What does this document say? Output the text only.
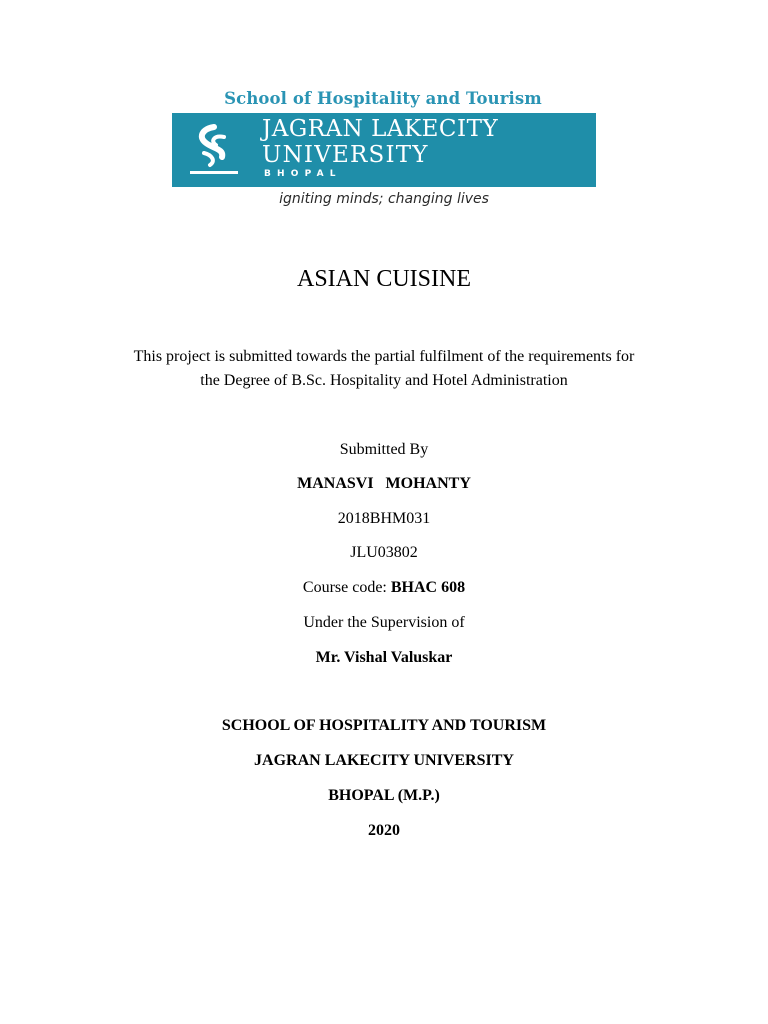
School of Hospitality and Tourism
JAGRAN LAKECITY
UNIVERSITY
BHOPAL
igniting minds; changing lives
ASIAN CUISINE
This project is submitted towards the partial fulfilment of the requirements for
the Degree of B.Sc. Hospitality and Hotel Administration
Submitted By
MANASVI   MOHANTY
2018BHM031
JLU03802
Course code: BHAC 608
Under the Supervision of
Mr. Vishal Valuskar
SCHOOL OF HOSPITALITY AND TOURISM
JAGRAN LAKECITY UNIVERSITY
BHOPAL (M.P.)
2020
